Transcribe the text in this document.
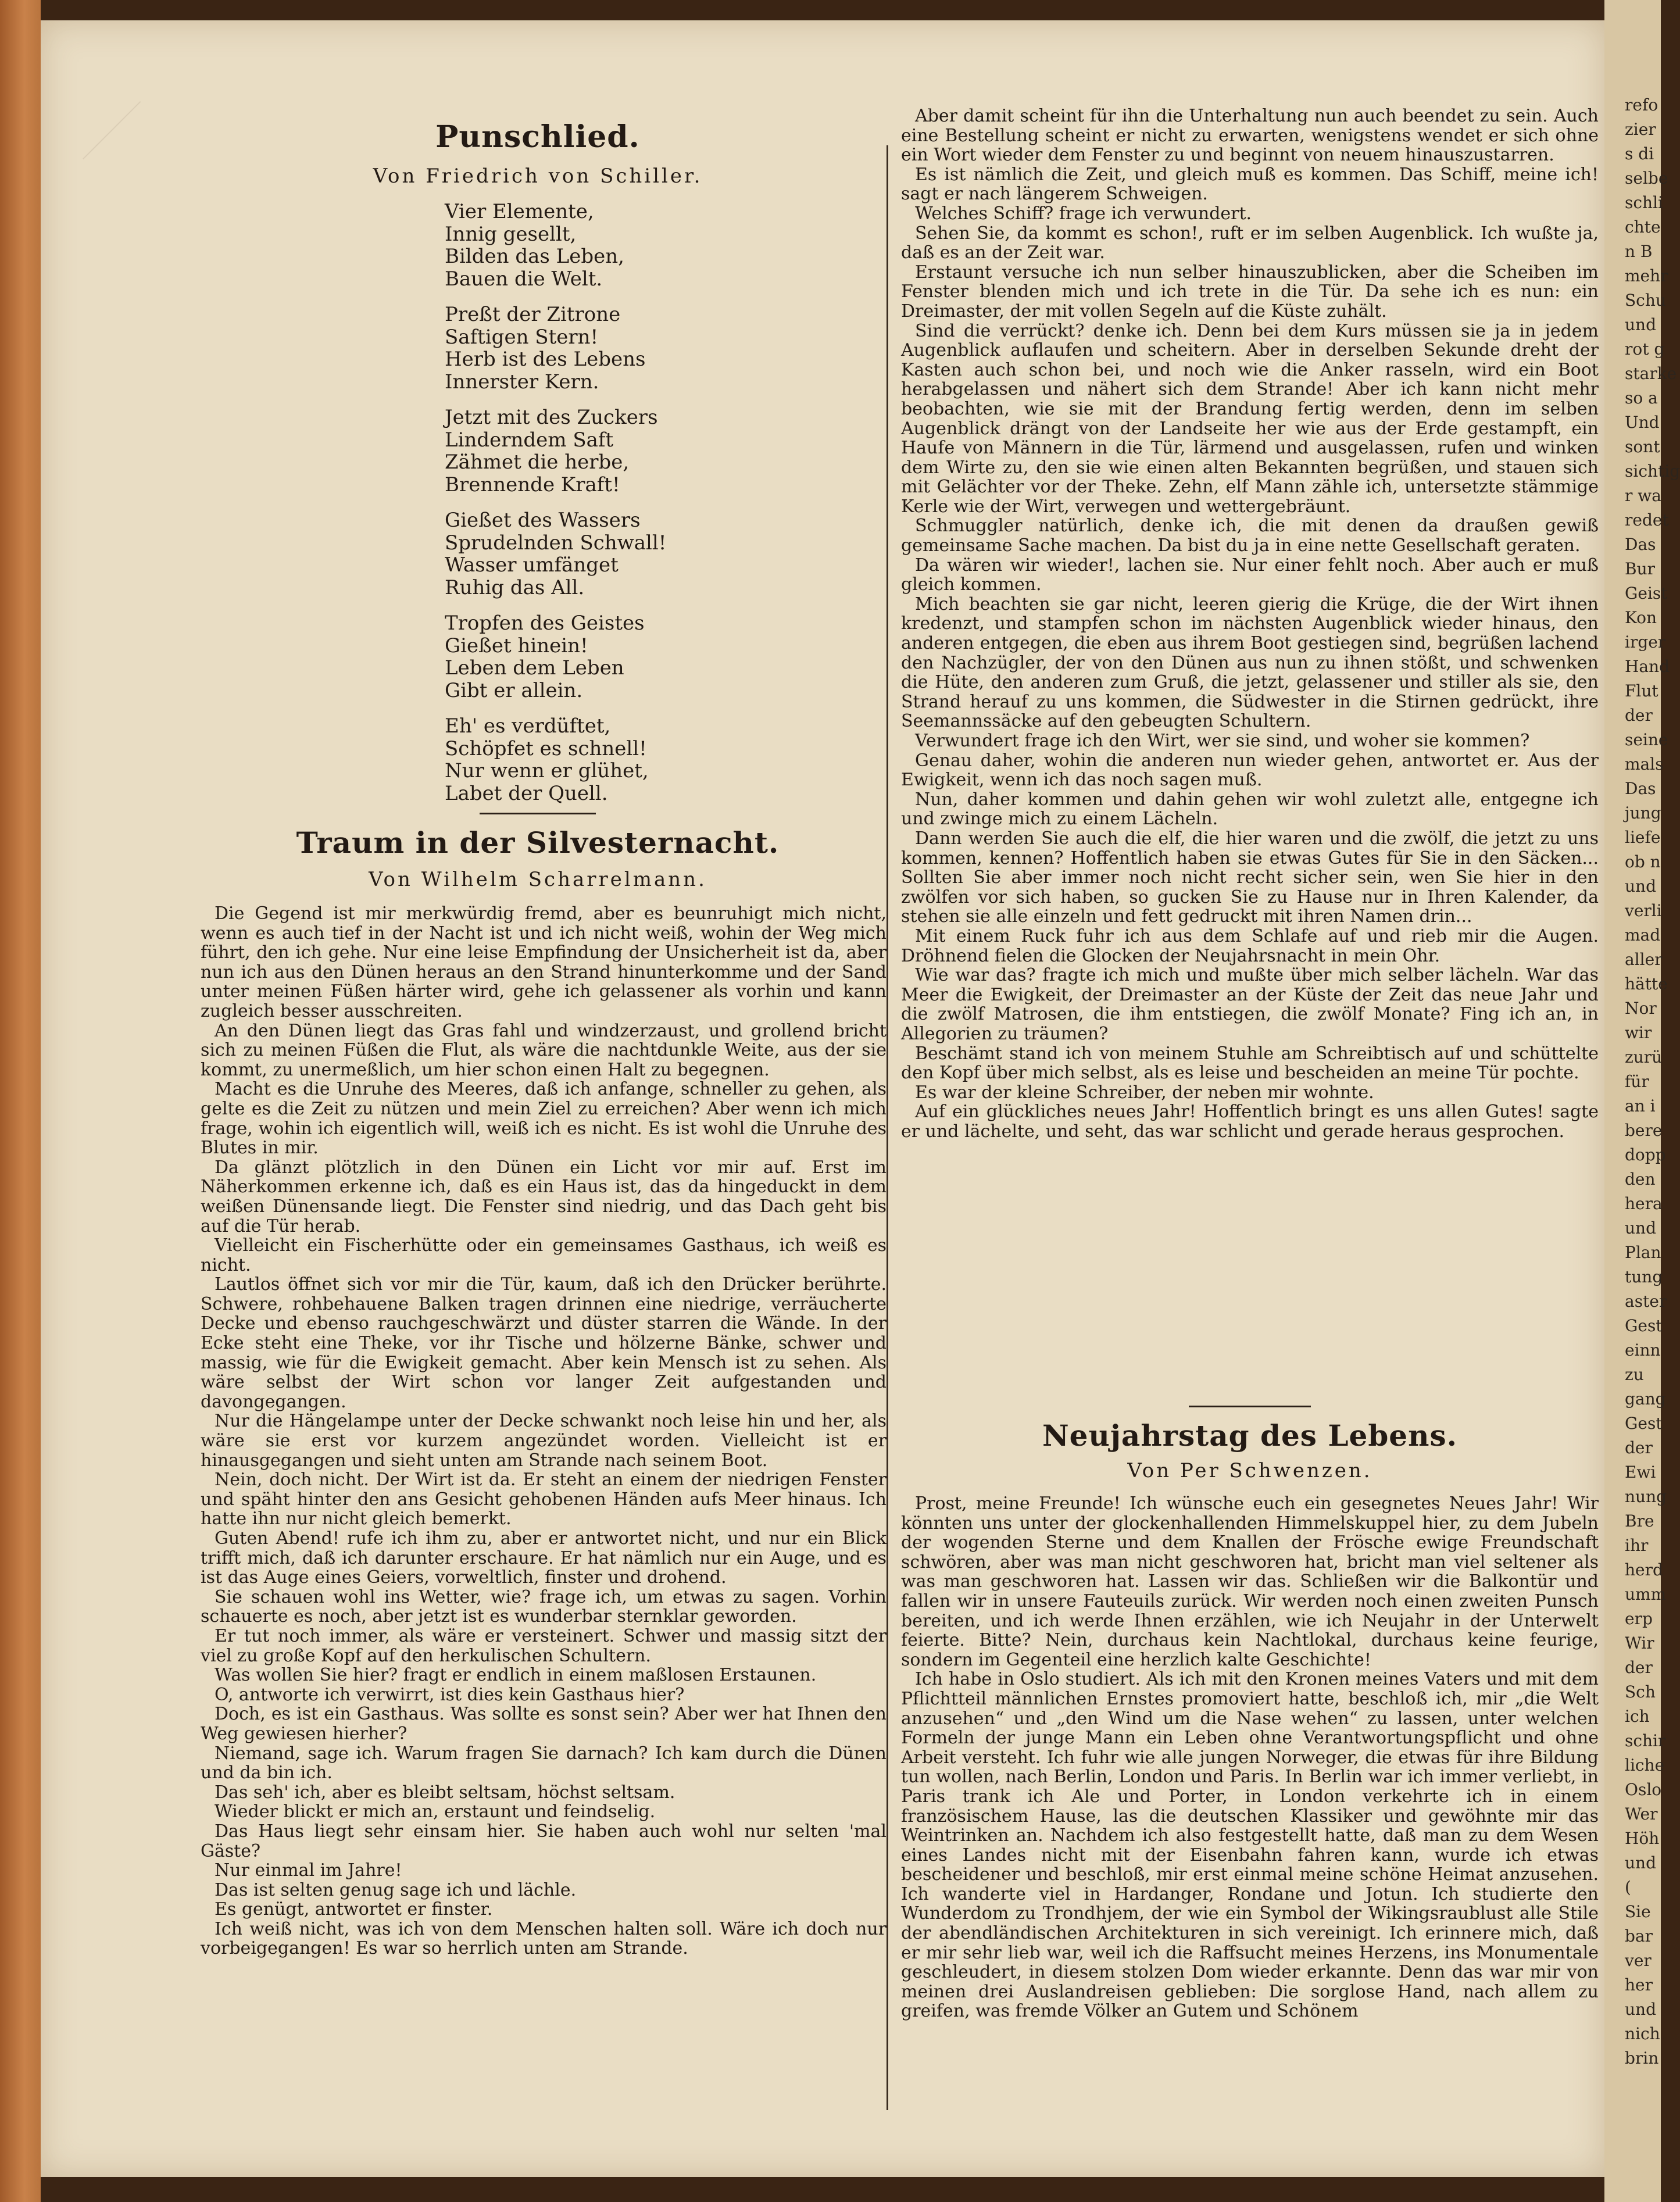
Punschlied.
Von Friedrich von Schiller.
Vier Elemente,
Innig gesellt,
Bilden das Leben,
Bauen die Welt.
Preßt der Zitrone
Saftigen Stern!
Herb ist des Lebens
Innerster Kern.
Jetzt mit des Zuckers
Linderndem Saft
Zähmet die herbe,
Brennende Kraft!
Gießet des Wassers
Sprudelnden Schwall!
Wasser umfänget
Ruhig das All.
Tropfen des Geistes
Gießet hinein!
Leben dem Leben
Gibt er allein.
Eh' es verdüftet,
Schöpfet es schnell!
Nur wenn er glühet,
Labet der Quell.
Traum in der Silvesternacht.
Von Wilhelm Scharrelmann.

Die Gegend ist mir merkwürdig fremd, aber es beunruhigt mich nicht, wenn es auch tief in der Nacht ist und ich nicht weiß, wohin der Weg mich führt, den ich gehe. Nur eine leise Empfindung der Unsicherheit ist da, aber nun ich aus den Dünen heraus an den Strand hinunterkomme und der Sand unter meinen Füßen härter wird, gehe ich gelassener als vorhin und kann zugleich besser ausschreiten.

An den Dünen liegt das Gras fahl und windzerzaust, und grollend bricht sich zu meinen Füßen die Flut, als wäre die nachtdunkle Weite, aus der sie kommt, zu unermeßlich, um hier schon einen Halt zu begegnen.

Macht es die Unruhe des Meeres, daß ich anfange, schneller zu gehen, als gelte es die Zeit zu nützen und mein Ziel zu erreichen? Aber wenn ich mich frage, wohin ich eigentlich will, weiß ich es nicht. Es ist wohl die Unruhe des Blutes in mir.

Da glänzt plötzlich in den Dünen ein Licht vor mir auf. Erst im Näherkommen erkenne ich, daß es ein Haus ist, das da hingeduckt in dem weißen Dünensande liegt. Die Fenster sind niedrig, und das Dach geht bis auf die Tür herab.

Vielleicht ein Fischerhütte oder ein gemeinsames Gasthaus, ich weiß es nicht.

Lautlos öffnet sich vor mir die Tür, kaum, daß ich den Drücker berührte. Schwere, rohbehauene Balken tragen drinnen eine niedrige, verräucherte Decke und ebenso rauchgeschwärzt und düster starren die Wände. In der Ecke steht eine Theke, vor ihr Tische und hölzerne Bänke, schwer und massig, wie für die Ewigkeit gemacht. Aber kein Mensch ist zu sehen. Als wäre selbst der Wirt schon vor langer Zeit aufgestanden und davongegangen.

Nur die Hängelampe unter der Decke schwankt noch leise hin und her, als wäre sie erst vor kurzem angezündet worden. Vielleicht ist er hinausgegangen und sieht unten am Strande nach seinem Boot.

Nein, doch nicht. Der Wirt ist da. Er steht an einem der niedrigen Fenster und späht hinter den ans Gesicht gehobenen Händen aufs Meer hinaus. Ich hatte ihn nur nicht gleich bemerkt.

Guten Abend! rufe ich ihm zu, aber er antwortet nicht, und nur ein Blick trifft mich, daß ich darunter erschaure. Er hat nämlich nur ein Auge, und es ist das Auge eines Geiers, vorweltlich, finster und drohend.

Sie schauen wohl ins Wetter, wie? frage ich, um etwas zu sagen. Vorhin schauerte es noch, aber jetzt ist es wunderbar sternklar geworden.

Er tut noch immer, als wäre er versteinert. Schwer und massig sitzt der viel zu große Kopf auf den herkulischen Schultern.

Was wollen Sie hier? fragt er endlich in einem maßlosen Erstaunen.

O, antworte ich verwirrt, ist dies kein Gasthaus hier?

Doch, es ist ein Gasthaus. Was sollte es sonst sein? Aber wer hat Ihnen den Weg gewiesen hierher?

Niemand, sage ich. Warum fragen Sie darnach? Ich kam durch die Dünen und da bin ich.

Das seh' ich, aber es bleibt seltsam, höchst seltsam.

Wieder blickt er mich an, erstaunt und feindselig.

Das Haus liegt sehr einsam hier. Sie haben auch wohl nur selten 'mal Gäste?

Nur einmal im Jahre!

Das ist selten genug sage ich und lächle.

Es genügt, antwortet er finster.

Ich weiß nicht, was ich von dem Menschen halten soll. Wäre ich doch nur vorbeigegangen! Es war so herrlich unten am Strande.

Aber damit scheint für ihn die Unterhaltung nun auch beendet zu sein. Auch eine Bestellung scheint er nicht zu erwarten, wenigstens wendet er sich ohne ein Wort wieder dem Fenster zu und beginnt von neuem hinauszustarren.

Es ist nämlich die Zeit, und gleich muß es kommen. Das Schiff, meine ich! sagt er nach längerem Schweigen.

Welches Schiff? frage ich verwundert.

Sehen Sie, da kommt es schon!, ruft er im selben Augenblick. Ich wußte ja, daß es an der Zeit war.

Erstaunt versuche ich nun selber hinauszublicken, aber die Scheiben im Fenster blenden mich und ich trete in die Tür. Da sehe ich es nun: ein Dreimaster, der mit vollen Segeln auf die Küste zuhält.

Sind die verrückt? denke ich. Denn bei dem Kurs müssen sie ja in jedem Augenblick auflaufen und scheitern. Aber in derselben Sekunde dreht der Kasten auch schon bei, und noch wie die Anker rasseln, wird ein Boot herabgelassen und nähert sich dem Strande! Aber ich kann nicht mehr beobachten, wie sie mit der Brandung fertig werden, denn im selben Augenblick drängt von der Landseite her wie aus der Erde gestampft, ein Haufe von Männern in die Tür, lärmend und ausgelassen, rufen und winken dem Wirte zu, den sie wie einen alten Bekannten begrüßen, und stauen sich mit Gelächter vor der Theke. Zehn, elf Mann zähle ich, untersetzte stämmige Kerle wie der Wirt, verwegen und wettergebräunt.

Schmuggler natürlich, denke ich, die mit denen da draußen gewiß gemeinsame Sache machen. Da bist du ja in eine nette Gesellschaft geraten.

Da wären wir wieder!, lachen sie. Nur einer fehlt noch. Aber auch er muß gleich kommen.

Mich beachten sie gar nicht, leeren gierig die Krüge, die der Wirt ihnen kredenzt, und stampfen schon im nächsten Augenblick wieder hinaus, den anderen entgegen, die eben aus ihrem Boot gestiegen sind, begrüßen lachend den Nachzügler, der von den Dünen aus nun zu ihnen stößt, und schwenken die Hüte, den anderen zum Gruß, die jetzt, gelassener und stiller als sie, den Strand herauf zu uns kommen, die Südwester in die Stirnen gedrückt, ihre Seemannssäcke auf den gebeugten Schultern.

Verwundert frage ich den Wirt, wer sie sind, und woher sie kommen?

Genau daher, wohin die anderen nun wieder gehen, antwortet er. Aus der Ewigkeit, wenn ich das noch sagen muß.

Nun, daher kommen und dahin gehen wir wohl zuletzt alle, entgegne ich und zwinge mich zu einem Lächeln.

Dann werden Sie auch die elf, die hier waren und die zwölf, die jetzt zu uns kommen, kennen? Hoffentlich haben sie etwas Gutes für Sie in den Säcken... Sollten Sie aber immer noch nicht recht sicher sein, wen Sie hier in den zwölfen vor sich haben, so gucken Sie zu Hause nur in Ihren Kalender, da stehen sie alle einzeln und fett gedruckt mit ihren Namen drin...

Mit einem Ruck fuhr ich aus dem Schlafe auf und rieb mir die Augen. Dröhnend fielen die Glocken der Neujahrsnacht in mein Ohr.

Wie war das? fragte ich mich und mußte über mich selber lächeln. War das Meer die Ewigkeit, der Dreimaster an der Küste der Zeit das neue Jahr und die zwölf Matrosen, die ihm entstiegen, die zwölf Monate? Fing ich an, in Allegorien zu träumen?

Beschämt stand ich von meinem Stuhle am Schreibtisch auf und schüttelte den Kopf über mich selbst, als es leise und bescheiden an meine Tür pochte.

Es war der kleine Schreiber, der neben mir wohnte.

Auf ein glückliches neues Jahr! Hoffentlich bringt es uns allen Gutes! sagte er und lächelte, und seht, das war schlicht und gerade heraus gesprochen.

Neujahrstag des Lebens.
Von Per Schwenzen.

Prost, meine Freunde! Ich wünsche euch ein gesegnetes Neues Jahr! Wir könnten uns unter der glockenhallenden Himmelskuppel hier, zu dem Jubeln der wogenden Sterne und dem Knallen der Frösche ewige Freundschaft schwören, aber was man nicht geschworen hat, bricht man viel seltener als was man geschworen hat. Lassen wir das. Schließen wir die Balkontür und fallen wir in unsere Fauteuils zurück. Wir werden noch einen zweiten Punsch bereiten, und ich werde Ihnen erzählen, wie ich Neujahr in der Unterwelt feierte. Bitte? Nein, durchaus kein Nachtlokal, durchaus keine feurige, sondern im Gegenteil eine herzlich kalte Geschichte!

Ich habe in Oslo studiert. Als ich mit den Kronen meines Vaters und mit dem Pflichtteil männlichen Ernstes promoviert hatte, beschloß ich, mir „die Welt anzusehen“ und „den Wind um die Nase wehen“ zu lassen, unter welchen Formeln der junge Mann ein Leben ohne Verantwortungspflicht und ohne Arbeit versteht. Ich fuhr wie alle jungen Norweger, die etwas für ihre Bildung tun wollen, nach Berlin, London und Paris. In Berlin war ich immer verliebt, in Paris trank ich Ale und Porter, in London verkehrte ich in einem französischem Hause, las die deutschen Klassiker und gewöhnte mir das Weintrinken an. Nachdem ich also festgestellt hatte, daß man zu dem Wesen eines Landes nicht mit der Eisenbahn fahren kann, wurde ich etwas bescheidener und beschloß, mir erst einmal meine schöne Heimat anzusehen. Ich wanderte viel in Hardanger, Rondane und Jotun. Ich studierte den Wunderdom zu Trondhjem, der wie ein Symbol der Wikingsraublust alle Stile der abendländischen Architekturen in sich vereinigt. Ich erinnere mich, daß er mir sehr lieb war, weil ich die Raffsucht meines Herzens, ins Monumentale geschleudert, in diesem stolzen Dom wieder erkannte. Denn das war mir von meinen drei Auslandreisen geblieben: Die sorglose Hand, nach allem zu greifen, was fremde Völker an Gutem und Schönem

refo
zier
s di
selbe
schli
chte
n B
mehr
Schu
und
rot g
starke
so a
Und
sont
sichtig
r wa
redet
Das
Bur
Geist
Kon
irger
Hand
Flut
der
seine
mals
Das
jung
liefe
ob n
und
verli
mad
aller
hätte
Nor
wir
zurü
für
an i
bere
dopp
den
hera
und
Plan
tung
aster
Gest
einn
zu
gang
Gest
der
Ewi
nung
Bre
ihr
herd
umm
erp
Wir
der
Sch
ich
schir
liche
Oslo
Wer
Höh
und
(
Sie
bar
ver
her
und
nich
brin
